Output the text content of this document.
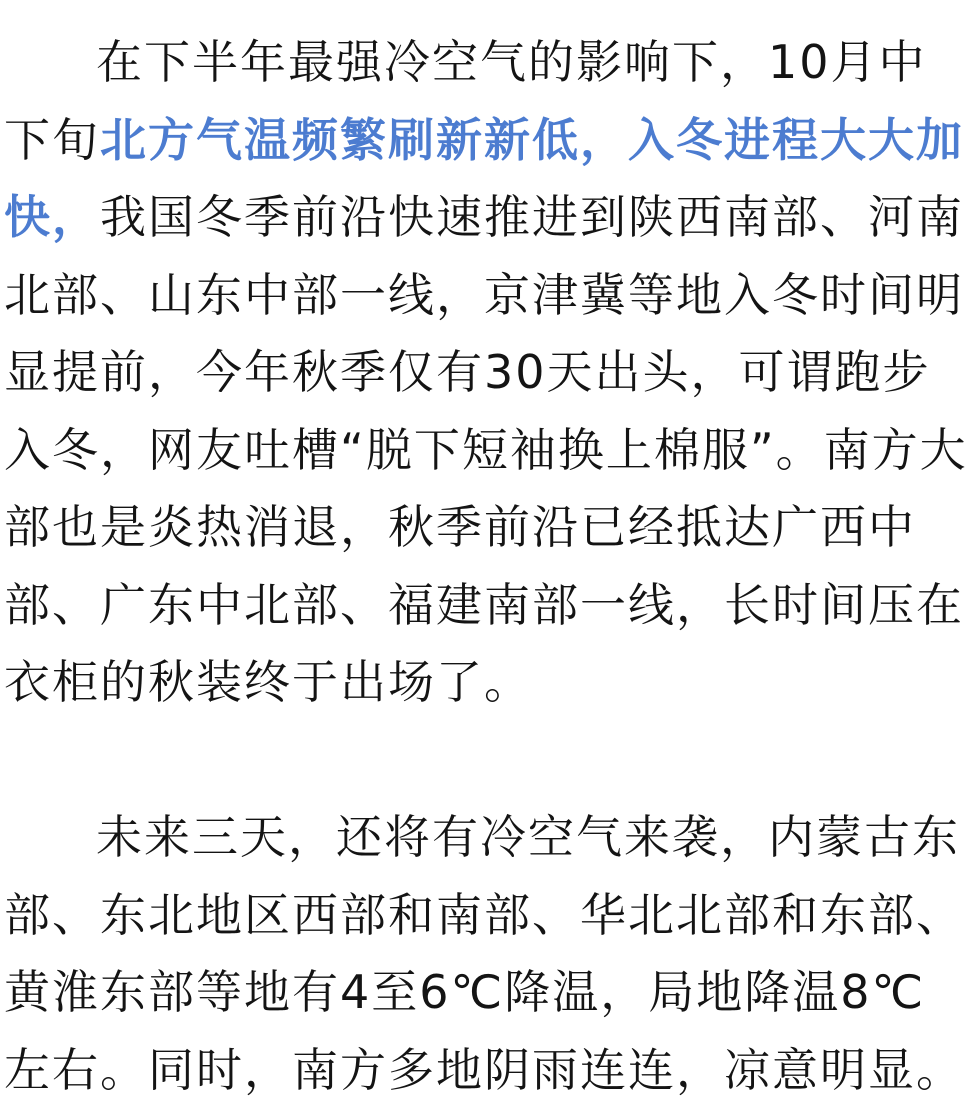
在下半年最强冷空气的影响下，10月中
下旬北方气温频繁刷新新低，入冬进程大大加
快，我国冬季前沿快速推进到陕西南部、河南
北部、山东中部一线，京津冀等地入冬时间明
显提前，今年秋季仅有30天出头，可谓跑步
入冬，网友吐槽“脱下短袖换上棉服”。南方大
部也是炎热消退，秋季前沿已经抵达广西中
部、广东中北部、福建南部一线，长时间压在
衣柜的秋装终于出场了。
未来三天，还将有冷空气来袭，内蒙古东
部、东北地区西部和南部、华北北部和东部、
黄淮东部等地有4至6℃降温，局地降温8℃
左右。同时，南方多地阴雨连连，凉意明显。
